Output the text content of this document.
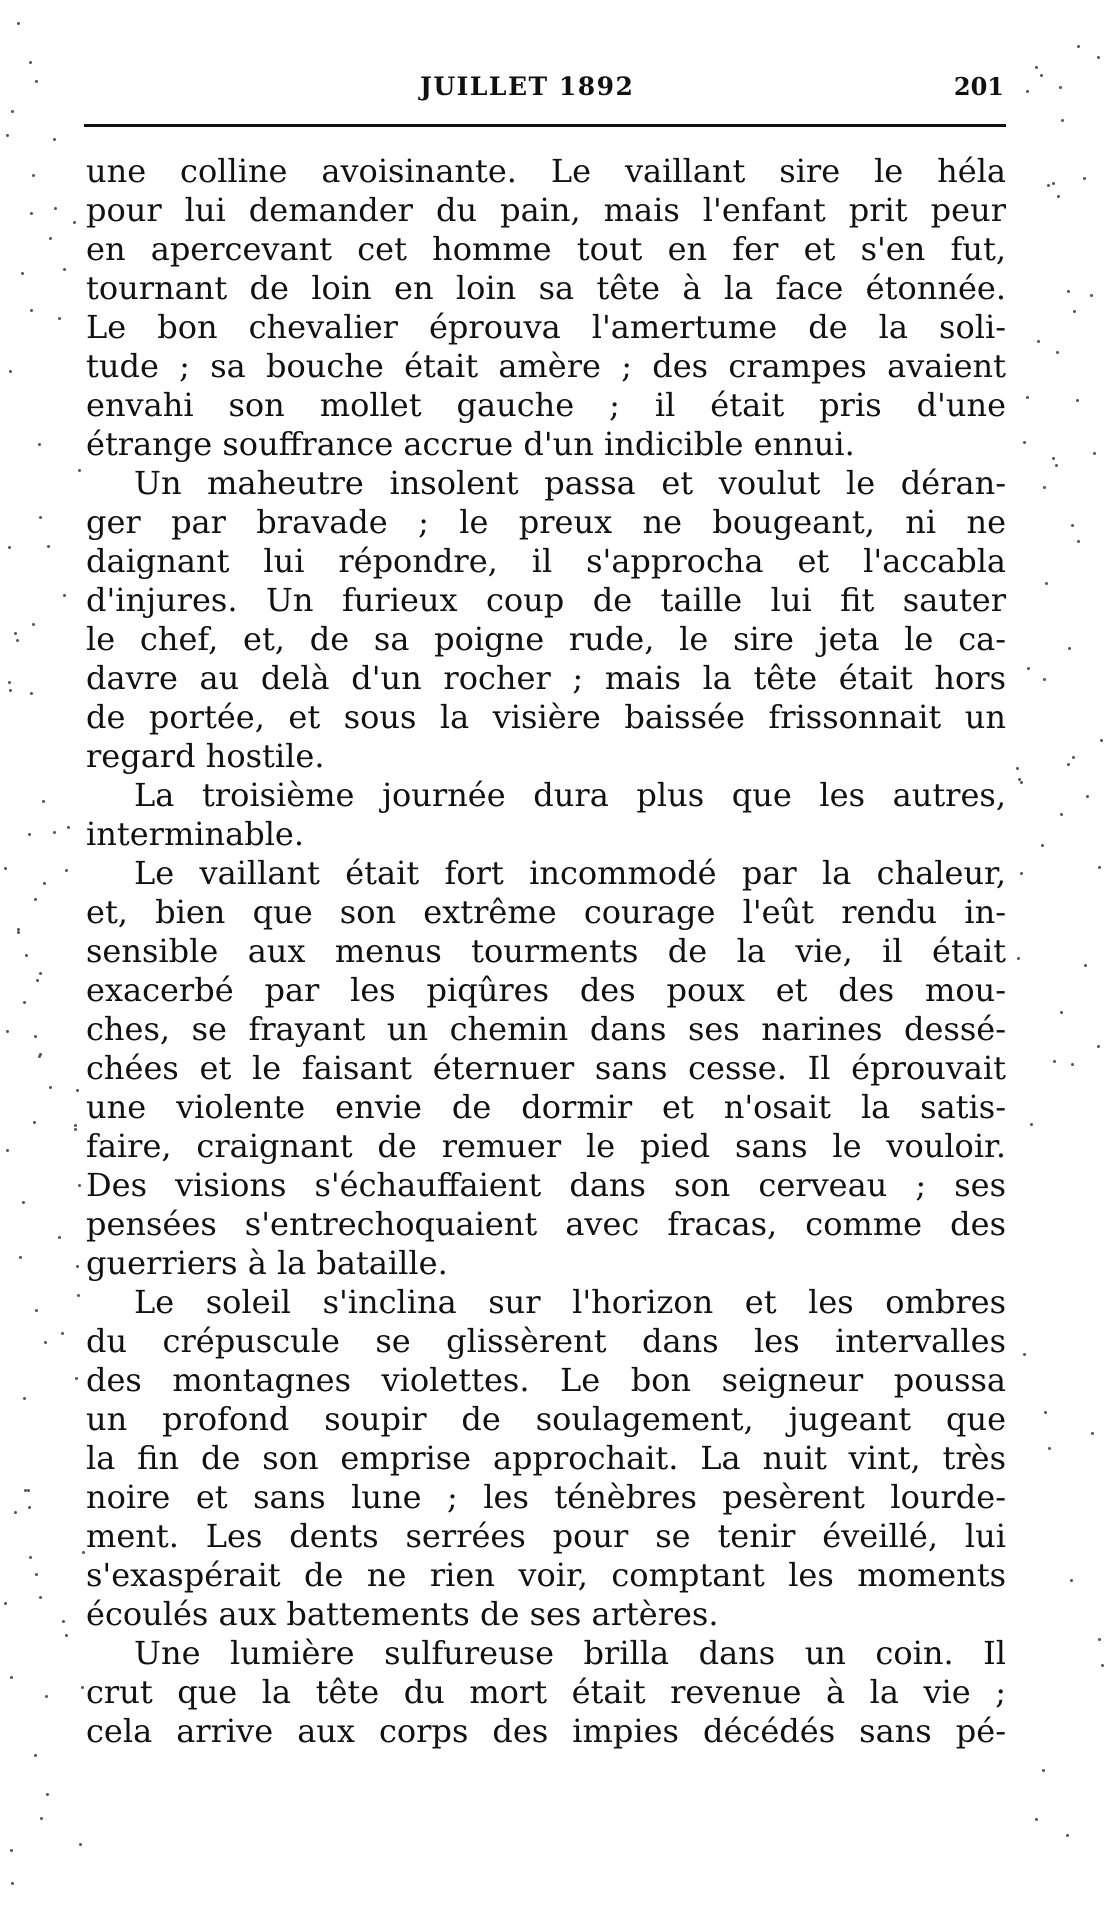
JUILLET 1892	201
une colline avoisinante. Le vaillant sire le héla
pour lui demander du pain, mais l'enfant prit peur
en apercevant cet homme tout en fer et s'en fut,
tournant de loin en loin sa tête à la face étonnée.
Le bon chevalier éprouva l'amertume de la soli-
tude ; sa bouche était amère ; des crampes avaient
envahi son mollet gauche ; il était pris d'une
étrange souffrance accrue d'un indicible ennui.
Un maheutre insolent passa et voulut le déran-
ger par bravade ; le preux ne bougeant, ni ne
daignant lui répondre, il s'approcha et l'accabla
d'injures. Un furieux coup de taille lui fit sauter
le chef, et, de sa poigne rude, le sire jeta le ca-
davre au delà d'un rocher ; mais la tête était hors
de portée, et sous la visière baissée frissonnait un
regard hostile.
La troisième journée dura plus que les autres,
interminable.
Le vaillant était fort incommodé par la chaleur,
et, bien que son extrême courage l'eût rendu in-
sensible aux menus tourments de la vie, il était
exacerbé par les piqûres des poux et des mou-
ches, se frayant un chemin dans ses narines dessé-
chées et le faisant éternuer sans cesse. Il éprouvait
une violente envie de dormir et n'osait la satis-
faire, craignant de remuer le pied sans le vouloir.
Des visions s'échauffaient dans son cerveau ; ses
pensées s'entrechoquaient avec fracas, comme des
guerriers à la bataille.
Le soleil s'inclina sur l'horizon et les ombres
du crépuscule se glissèrent dans les intervalles
des montagnes violettes. Le bon seigneur poussa
un profond soupir de soulagement, jugeant que
la fin de son emprise approchait. La nuit vint, très
noire et sans lune ; les ténèbres pesèrent lourde-
ment. Les dents serrées pour se tenir éveillé, lui
s'exaspérait de ne rien voir, comptant les moments
écoulés aux battements de ses artères.
Une lumière sulfureuse brilla dans un coin. Il
crut que la tête du mort était revenue à la vie ;
cela arrive aux corps des impies décédés sans pé-
